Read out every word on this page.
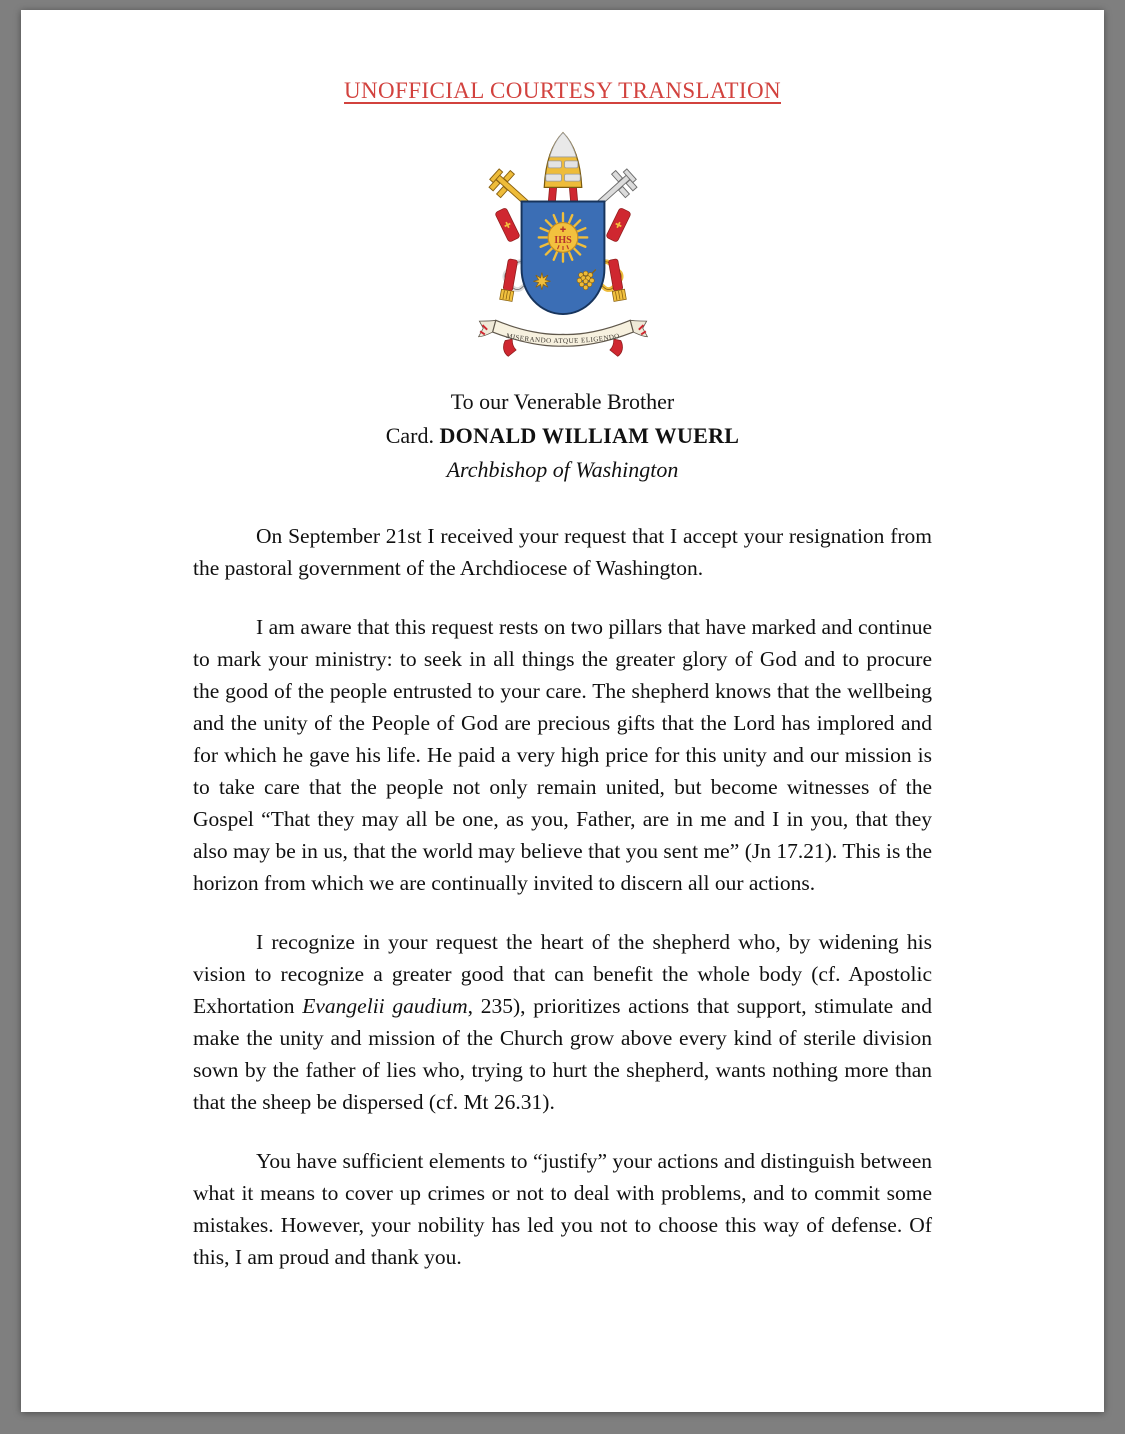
UNOFFICIAL COURTESY TRANSLATION
IHS
MISERANDO ATQUE ELIGENDO
To our Venerable Brother
Card. DONALD WILLIAM WUERL
Archbishop of Washington

On September 21st I received your request that I accept your resignation from the pastoral government of the Archdiocese of Washington.

I am aware that this request rests on two pillars that have marked and continue to mark your ministry: to seek in all things the greater glory of God and to procure the good of the people entrusted to your care. The shepherd knows that the wellbeing and the unity of the People of God are precious gifts that the Lord has implored and for which he gave his life. He paid a very high price for this unity and our mission is to take care that the people not only remain united, but become witnesses of the Gospel “That they may all be one, as you, Father, are in me and I in you, that they also may be in us, that the world may believe that you sent me” (Jn 17.21). This is the horizon from which we are continually invited to discern all our actions.

I recognize in your request the heart of the shepherd who, by widening his vision to recognize a greater good that can benefit the whole body (cf. Apostolic Exhortation Evangelii gaudium, 235), prioritizes actions that support, stimulate and make the unity and mission of the Church grow above every kind of sterile division sown by the father of lies who, trying to hurt the shepherd, wants nothing more than that the sheep be dispersed (cf. Mt 26.31).

You have sufficient elements to “justify” your actions and distinguish between what it means to cover up crimes or not to deal with problems, and to commit some mistakes. However, your nobility has led you not to choose this way of defense. Of this, I am proud and thank you.
